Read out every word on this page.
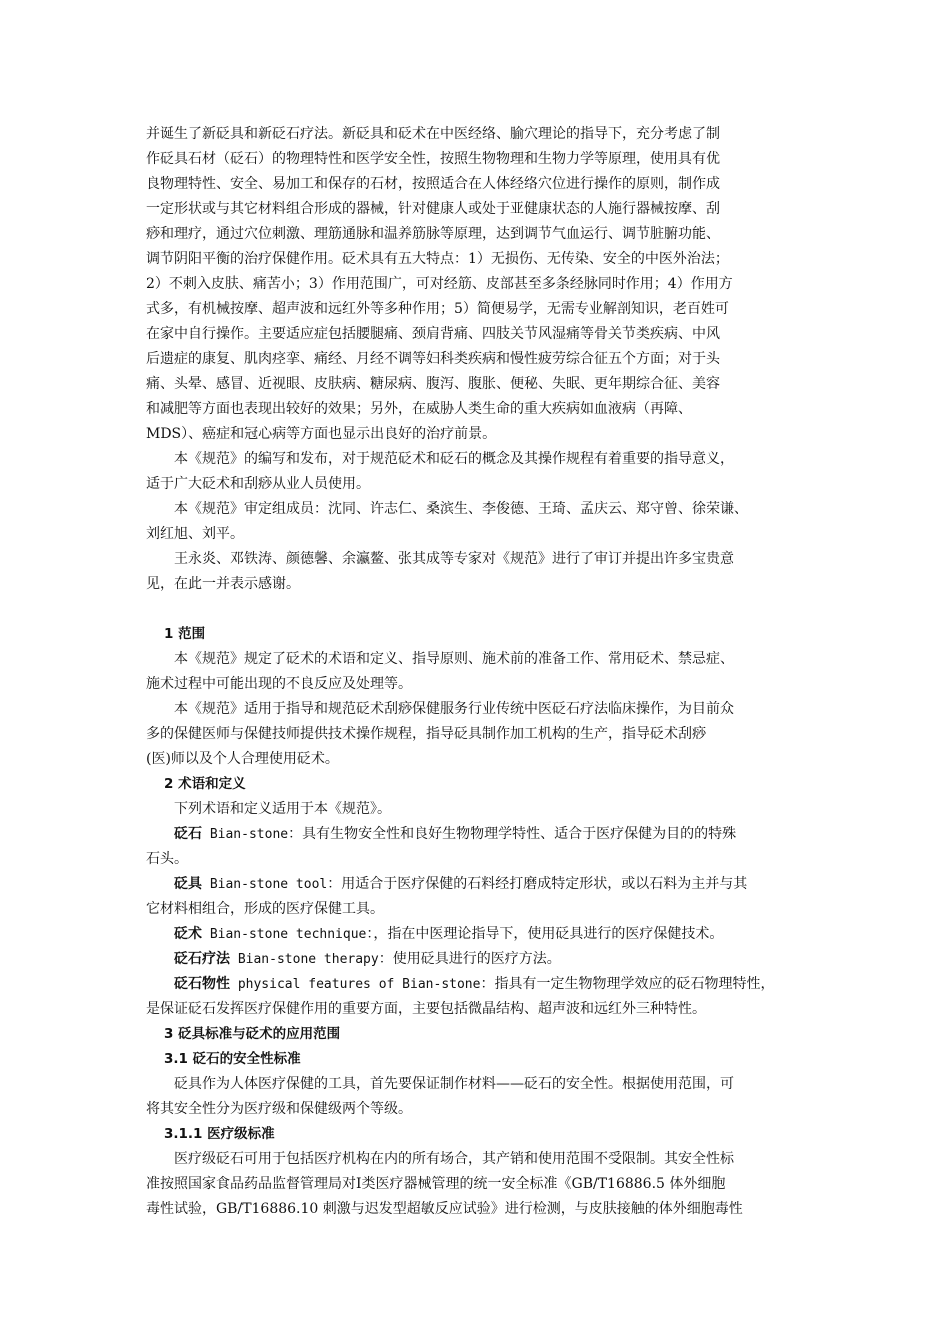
并诞生了新砭具和新砭石疗法。新砭具和砭术在中医经络、腧穴理论的指导下，充分考虑了制
作砭具石材（砭石）的物理特性和医学安全性，按照生物物理和生物力学等原理，使用具有优
良物理特性、安全、易加工和保存的石材，按照适合在人体经络穴位进行操作的原则，制作成
一定形状或与其它材料组合形成的器械，针对健康人或处于亚健康状态的人施行器械按摩、刮
痧和理疗，通过穴位刺激、理筋通脉和温养筋脉等原理，达到调节气血运行、调节脏腑功能、
调节阴阳平衡的治疗保健作用。砭术具有五大特点：1）无损伤、无传染、安全的中医外治法；
2）不刺入皮肤、痛苦小；3）作用范围广，可对经筋、皮部甚至多条经脉同时作用；4）作用方
式多，有机械按摩、超声波和远红外等多种作用；5）简便易学，无需专业解剖知识，老百姓可
在家中自行操作。主要适应症包括腰腿痛、颈肩背痛、四肢关节风湿痛等骨关节类疾病、中风
后遗症的康复、肌肉痉挛、痛经、月经不调等妇科类疾病和慢性疲劳综合征五个方面；对于头
痛、头晕、感冒、近视眼、皮肤病、糖尿病、腹泻、腹胀、便秘、失眠、更年期综合征、美容
和减肥等方面也表现出较好的效果；另外，在威胁人类生命的重大疾病如血液病（再障、
MDS）、癌症和冠心病等方面也显示出良好的治疗前景。
本《规范》的编写和发布，对于规范砭术和砭石的概念及其操作规程有着重要的指导意义，
适于广大砭术和刮痧从业人员使用。
本《规范》审定组成员：沈同、许志仁、桑滨生、李俊德、王琦、孟庆云、郑守曾、徐荣谦、
刘红旭、刘平。
王永炎、邓铁涛、颜德馨、余瀛鳌、张其成等专家对《规范》进行了审订并提出许多宝贵意
见，在此一并表示感谢。
1 范围
本《规范》规定了砭术的术语和定义、指导原则、施术前的准备工作、常用砭术、禁忌症、
施术过程中可能出现的不良反应及处理等。
本《规范》适用于指导和规范砭术刮痧保健服务行业传统中医砭石疗法临床操作，为目前众
多的保健医师与保健技师提供技术操作规程，指导砭具制作加工机构的生产，指导砭术刮痧
(医)师以及个人合理使用砭术。
2 术语和定义
下列术语和定义适用于本《规范》。
砭石 Bian-stone：具有生物安全性和良好生物物理学特性、适合于医疗保健为目的的特殊
石头。
砭具 Bian-stone tool：用适合于医疗保健的石料经打磨成特定形状，或以石料为主并与其
它材料相组合，形成的医疗保健工具。
砭术 Bian-stone technique：，指在中医理论指导下，使用砭具进行的医疗保健技术。
砭石疗法 Bian-stone therapy：使用砭具进行的医疗方法。
砭石物性 physical features of Bian-stone：指具有一定生物物理学效应的砭石物理特性，
是保证砭石发挥医疗保健作用的重要方面，主要包括微晶结构、超声波和远红外三种特性。
3 砭具标准与砭术的应用范围
3.1 砭石的安全性标准
砭具作为人体医疗保健的工具，首先要保证制作材料——砭石的安全性。根据使用范围，可
将其安全性分为医疗级和保健级两个等级。
3.1.1 医疗级标准
医疗级砭石可用于包括医疗机构在内的所有场合，其产销和使用范围不受限制。其安全性标
准按照国家食品药品监督管理局对Ⅰ类医疗器械管理的统一安全标准《GB/T16886.5 体外细胞
毒性试验，GB/T16886.10 刺激与迟发型超敏反应试验》进行检测，与皮肤接触的体外细胞毒性
